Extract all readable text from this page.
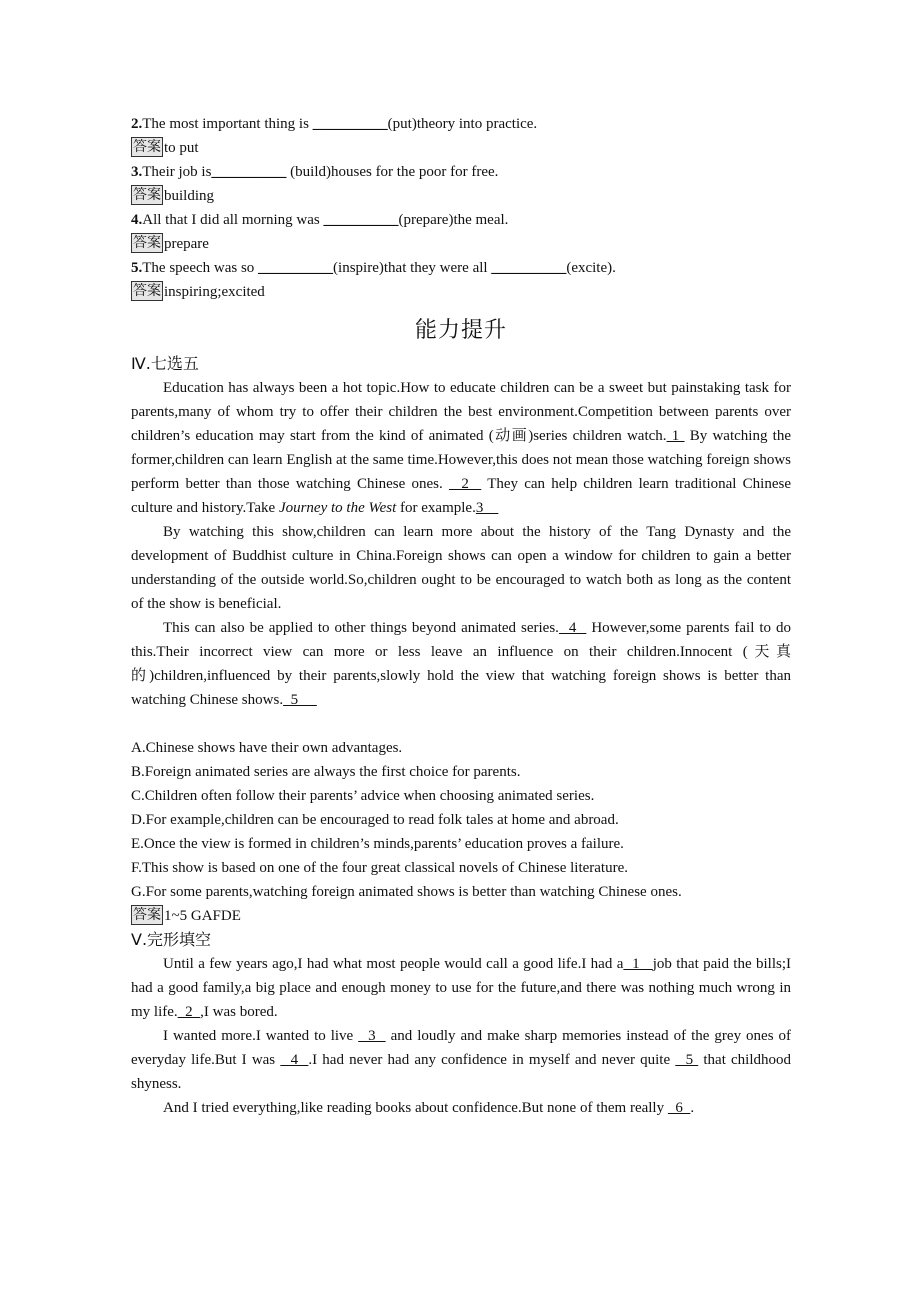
2.The most important thing is __________(put)theory into practice.
答案 to put
3.Their job is__________ (build)houses for the poor for free.
答案 building
4.All that I did all morning was __________(prepare)the meal.
答案 prepare
5.The speech was so __________(inspire)that they were all __________(excite).
答案 inspiring;excited
能力提升
Ⅳ.七选五

Education has always been a hot topic.How to educate children can be a sweet but painstaking task for parents,many of whom try to offer their children the best environment.Competition between parents over children’s education may start from the kind of animated (动画)series children watch. 1  By watching the former,children can learn English at the same time.However,this does not mean those watching foreign shows perform better than those watching Chinese ones.   2   They can help children learn traditional Chinese culture and history.Take Journey to the West for example.3

By watching this show,children can learn more about the history of the Tang Dynasty and the development of Buddhist culture in China.Foreign shows can open a window for children to gain a better understanding of the outside world.So,children ought to be encouraged to watch both as long as the content of the show is beneficial.

This can also be applied to other things beyond animated series.  4   However,some parents fail to do this.Their incorrect view can more or less leave an influence on their children.Innocent (天真的)children,influenced by their parents,slowly hold the view that watching foreign shows is better than watching Chinese shows.  5

A.Chinese shows have their own advantages.
B.Foreign animated series are always the first choice for parents.
C.Children often follow their parents’ advice when choosing animated series.
D.For example,children can be encouraged to read folk tales at home and abroad.
E.Once the view is formed in children’s minds,parents’ education proves a failure.
F.This show is based on one of the four great classical novels of Chinese literature.
G.For some parents,watching foreign animated shows is better than watching Chinese ones.
答案 1~5 GAFDE
Ⅴ.完形填空

Until a few years ago,I had what most people would call a good life.I had a  1   job that paid the bills;I had a good family,a big place and enough money to use for the future,and there was nothing much wrong in my life.  2  ,I was bored.

I wanted more.I wanted to live   3   and loudly and make sharp memories instead of the grey ones of everyday life.But I was   4  .I had never had any confidence in myself and never quite   5  that childhood shyness.

And I tried everything,like reading books about confidence.But none of them really   6  .
